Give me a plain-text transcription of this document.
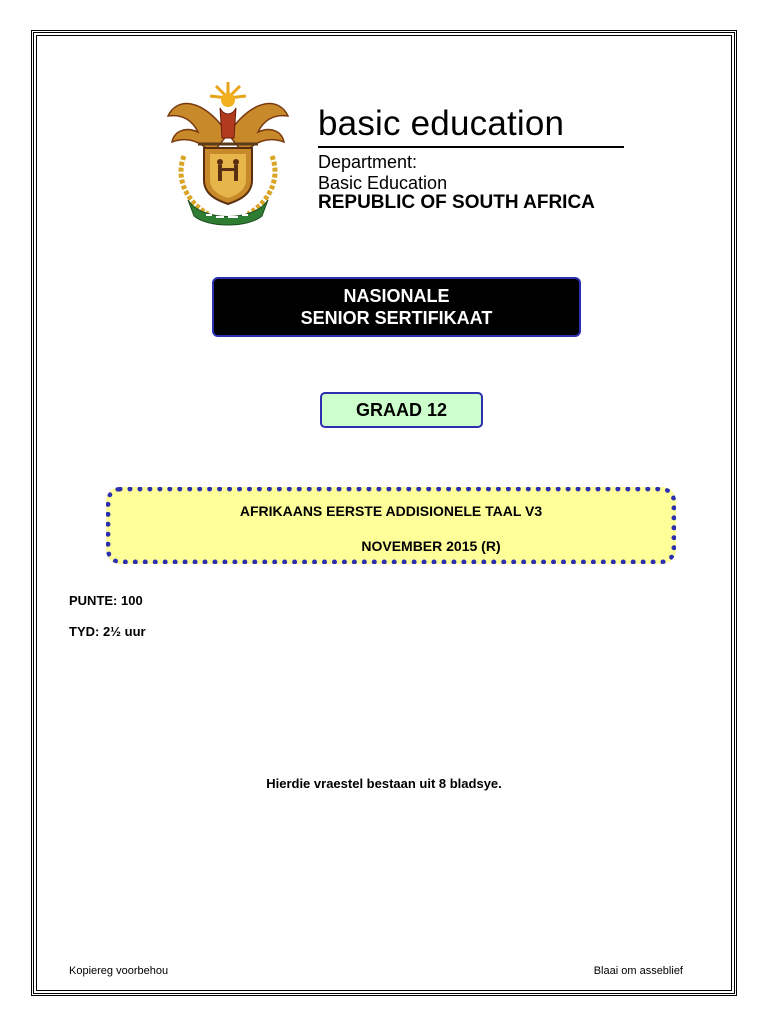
basic education
Department:
Basic Education
REPUBLIC OF SOUTH AFRICA
NASIONALE
SENIOR SERTIFIKAAT
GRAAD 12
AFRIKAANS EERSTE ADDISIONELE TAAL V3
NOVEMBER 2015 (R)
PUNTE: 100
TYD: 2½ uur
Hierdie vraestel bestaan uit 8 bladsye.
Kopiereg voorbehou	Blaai om asseblief
